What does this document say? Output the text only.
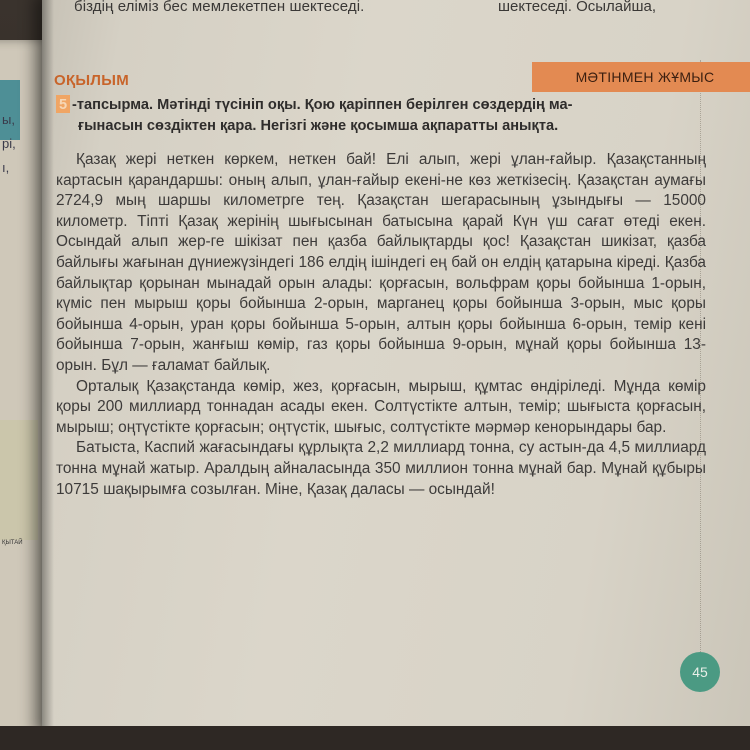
ы,
рі,
ı,
ҚЫТАЙ
біздің еліміз бес мемлекетпен шектеседі.	шектеседі. Осылайша,
ОҚЫЛЫМ	МӘТІНМЕН ЖҰМЫС
5 -тапсырма. Мәтінді түсініп оқы. Қою қаріппен берілген сөздердің ма-
ғынасын сөздіктен қара. Негізгі және қосымша ақпаратты анықта.

Қазақ жері неткен көркем, неткен бай! Елі алып, жері ұлан-ғайыр. Қазақстанның картасын қарандаршы: оның алып, ұлан-ғайыр екені-не көз жеткізесің. Қазақстан аумағы 2724,9 мың шаршы километрге тең. Қазақстан шегарасының ұзындығы — 15000 километр. Тіпті Қазақ жерінің шығысынан батысына қарай Күн үш сағат өтеді екен. Осындай алып жер-ге шікізат пен қазба байлықтарды қос! Қазақстан шикізат, қазба байлығы жағынан дүниежүзіндегі 186 елдің ішіндегі ең бай он елдің қатарына кіреді. Қазба байлықтар қорынан мынадай орын алады: қорғасын, вольфрам қоры бойынша 1-орын, күміс пен мырыш қоры бойынша 2-орын, марганец қоры бойынша 3-орын, мыс қоры бойынша 4-орын, уран қоры бойынша 5-орын, алтын қоры бойынша 6-орын, темір кені бойынша 7-орын, жанғыш көмір, газ қоры бойынша 9-орын, мұнай қоры бойынша 13-орын. Бұл — ғаламат байлық.

Орталық Қазақстанда көмір, жез, қорғасын, мырыш, құмтас өндіріледі. Мұнда көмір қоры 200 миллиард тоннадан асады екен. Солтүстікте алтын, темір; шығыста қорғасын, мырыш; оңтүстікте қорғасын; оңтүстік, шығыс, солтүстікте мәрмәр кенорындары бар.

Батыста, Каспий жағасындағы құрлықта 2,2 миллиард тонна, су астын-да 4,5 миллиард тонна мұнай жатыр. Аралдың айналасында 350 миллион тонна мұнай бар. Мұнай құбыры 10715 шақырымға созылған. Міне, Қазақ даласы — осындай!

45
